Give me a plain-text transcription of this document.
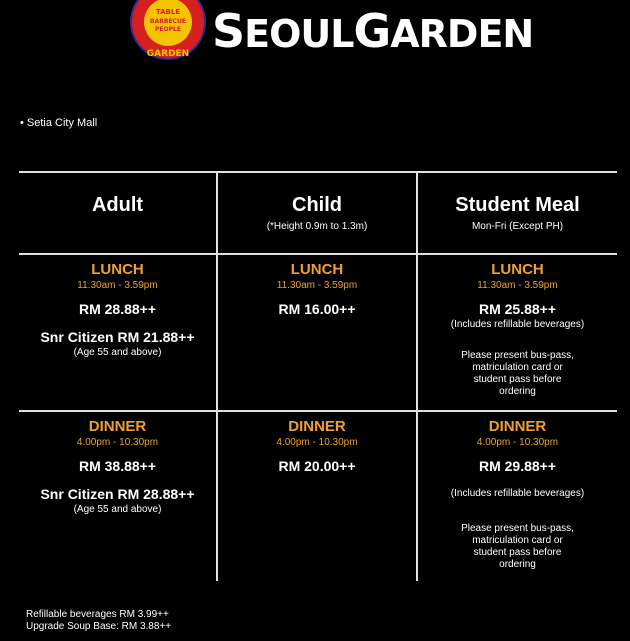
GARDEN
TABLE
BARBECUE
PEOPLE SEOULGARDEN
• Setia City Mall
Adult	Child
(*Height 0.9m to 1.3m)
Student Meal
Mon-Fri (Except PH)
LUNCH
11.30am - 3.59pm
RM 28.88++
Snr Citizen RM 21.88++
(Age 55 and above)
LUNCH
11.30am - 3.59pm
RM 16.00++
LUNCH
11.30am - 3.59pm
RM 25.88++
(Includes refillable beverages)
Please present bus-pass,
matriculation card or
student pass before
ordering
DINNER
4.00pm - 10.30pm
RM 38.88++
Snr Citizen RM 28.88++
(Age 55 and above)
DINNER
4.00pm - 10.30pm
RM 20.00++
DINNER
4.00pm - 10.30pm
RM 29.88++
(Includes refillable beverages)
Please present bus-pass,
matriculation card or
student pass before
ordering
Refillable beverages RM 3.99++
Upgrade Soup Base: RM 3.88++
